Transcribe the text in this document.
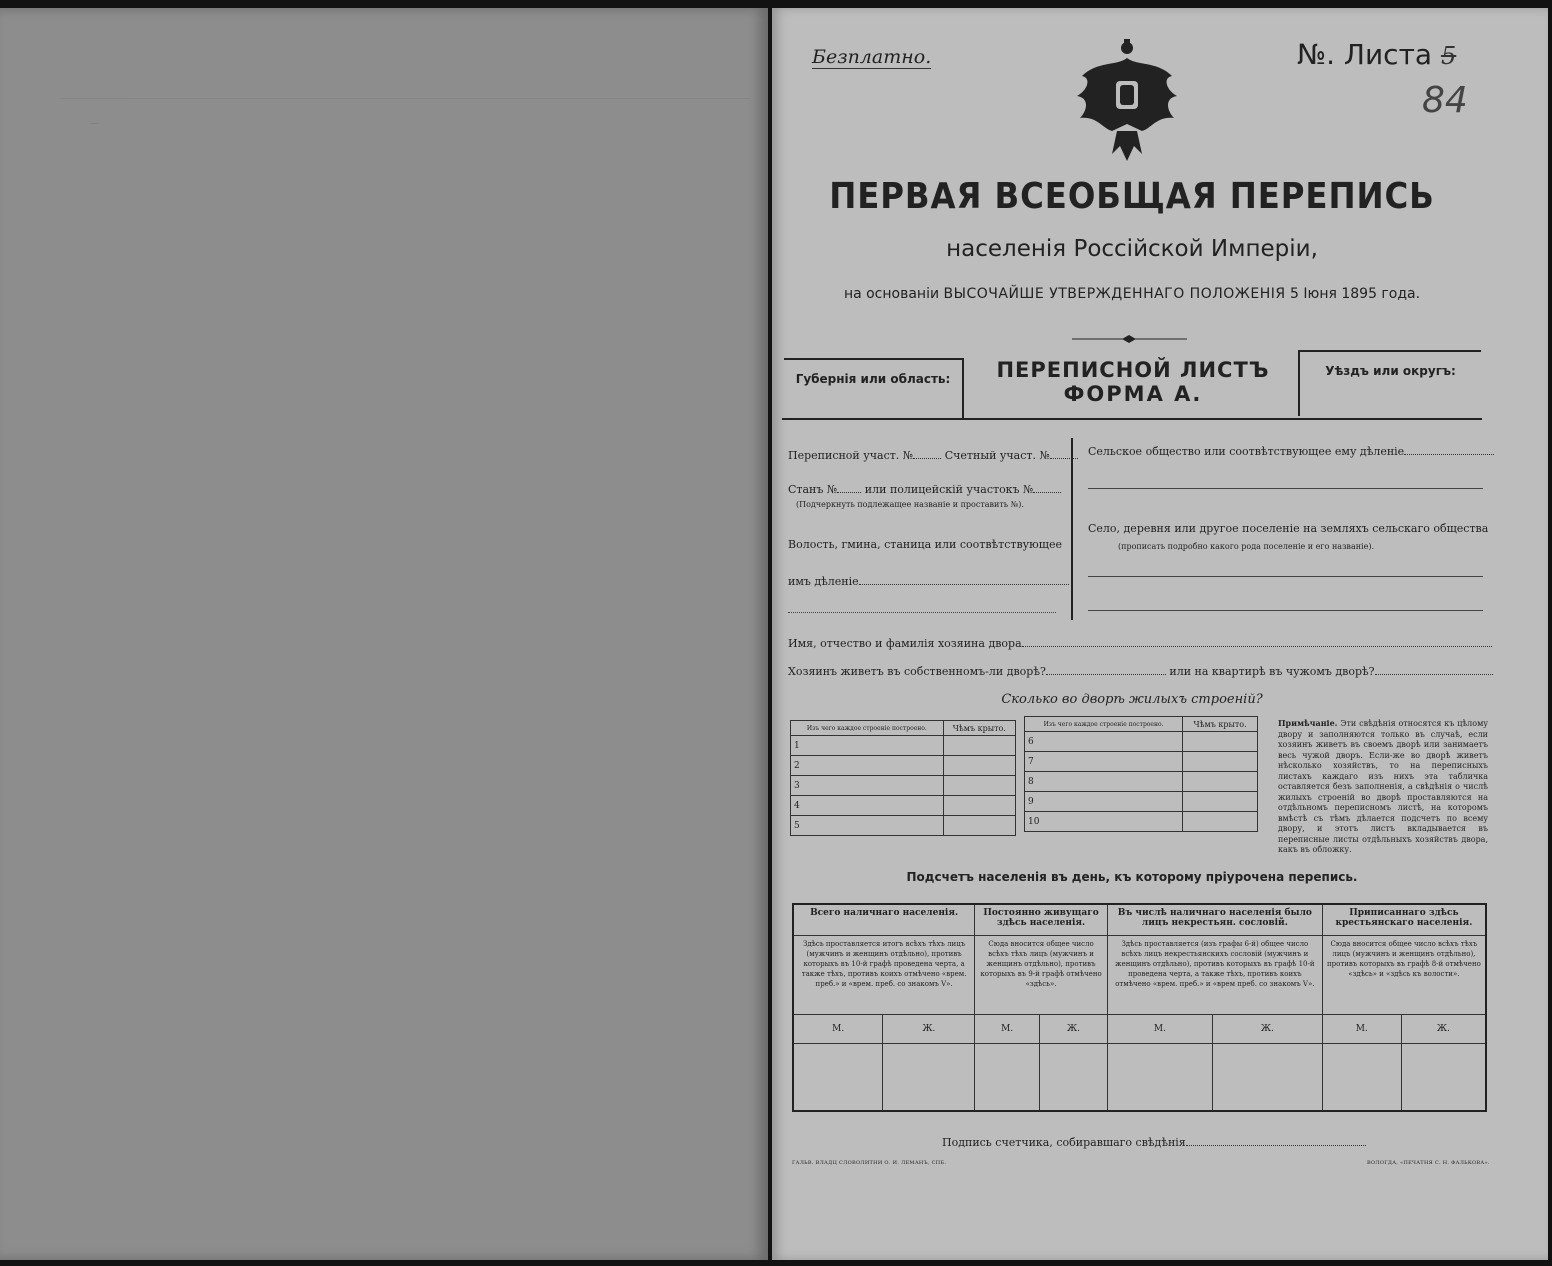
—
Безплатно.	№. Листа 5
84
ПЕРВАЯ ВСЕОБЩАЯ ПЕРЕПИСЬ
населенія Россійской Имперіи,
на основаніи ВЫСОЧАЙШЕ УТВЕРЖДЕННАГО ПОЛОЖЕНІЯ 5 Іюня 1895 года.
Губернія или область:	ПЕРЕПИСНОЙ ЛИСТЪ
ФОРМА А.
Уѣздъ или округъ:
Переписной участ. №	Счетный участ. №
Станъ №	или полицейскій участокъ №
(Подчеркнуть подлежащее названіе и проставить №).
Волость, гмина, станица или соотвѣтствующее
имъ дѣленіе
Сельское общество или соотвѣтствующее ему дѣленіе
Село, деревня или другое поселеніе на земляхъ сельскаго общества
(прописать подробно какого рода поселеніе и его названіе).
Имя, отчество и фамилія хозяина двора
Хозяинъ живетъ въ собственномъ-ли дворѣ?	или на квартирѣ въ чужомъ дворѣ?
Сколько во дворѣ жилыхъ строеній?
Изъ чего каждое строеніе построено.	Чѣмъ крыто.
1	
2	
3	
4	
5	
Изъ чего каждое строеніе построено.	Чѣмъ крыто.
6	
7	
8	
9	
10	
Примѣчаніе. Эти свѣдѣнія относятся къ цѣлому двору и заполняются только въ случаѣ, если хозяинъ живетъ въ своемъ дворѣ или занимаетъ весь чужой дворъ. Если-же во дворѣ живетъ нѣсколько хозяйствъ, то на переписныхъ листахъ каждаго изъ нихъ эта табличка оставляется безъ заполненія, а свѣдѣнія о числѣ жилыхъ строеній во дворѣ проставляются на отдѣльномъ переписномъ листѣ, на которомъ вмѣстѣ съ тѣмъ дѣлается подсчетъ по всему двору, и этотъ листъ вкладывается въ переписные листы отдѣльныхъ хозяйствъ двора, какъ въ обложку.
Подсчетъ населенія въ день, къ которому пріурочена перепись.
Всего наличнаго населенія.		Постоянно живущаго здѣсь населенія.		Въ числѣ наличнаго населенія было лицъ некрестьян. сословій.		Приписаннаго здѣсь крестьянскаго населенія.	
Здѣсь проставляется итогъ всѣхъ тѣхъ лицъ (мужчинъ и женщинъ отдѣльно), противъ которыхъ въ 10-й графѣ проведена черта, а также тѣхъ, противъ коихъ отмѣчено «врем. преб.» и «врем. преб. со знакомъ V».		Сюда вносится общее число всѣхъ тѣхъ лицъ (мужчинъ и женщинъ отдѣльно), противъ которыхъ въ 9-й графѣ отмѣчено «здѣсь».		Здѣсь проставляется (изъ графы 6-й) общее число всѣхъ лицъ некрестьянскихъ сословій (мужчинъ и женщинъ отдѣльно), противъ которыхъ въ графѣ 10-й проведена черта, а также тѣхъ, противъ коихъ отмѣчено «врем. преб.» и «врем преб. со знакомъ V».		Сюда вносится общее число всѣхъ тѣхъ лицъ (мужчинъ и женщинъ отдѣльно), противъ которыхъ въ графѣ 8-й отмѣчено «здѣсь» и «здѣсь къ волости».	
М.	Ж.	М.	Ж.	М.	Ж.	М.	Ж.

Подпись счетчика, собиравшаго свѣдѣнія
ГАЛЬВ. ВЛАДЦ СЛОВОЛИТНИ О. И. ЛЕМАНЪ, СПБ.	ВОЛОГДА, «ПЕЧАТНЯ С. Н. ФАЛЬКОВА».
